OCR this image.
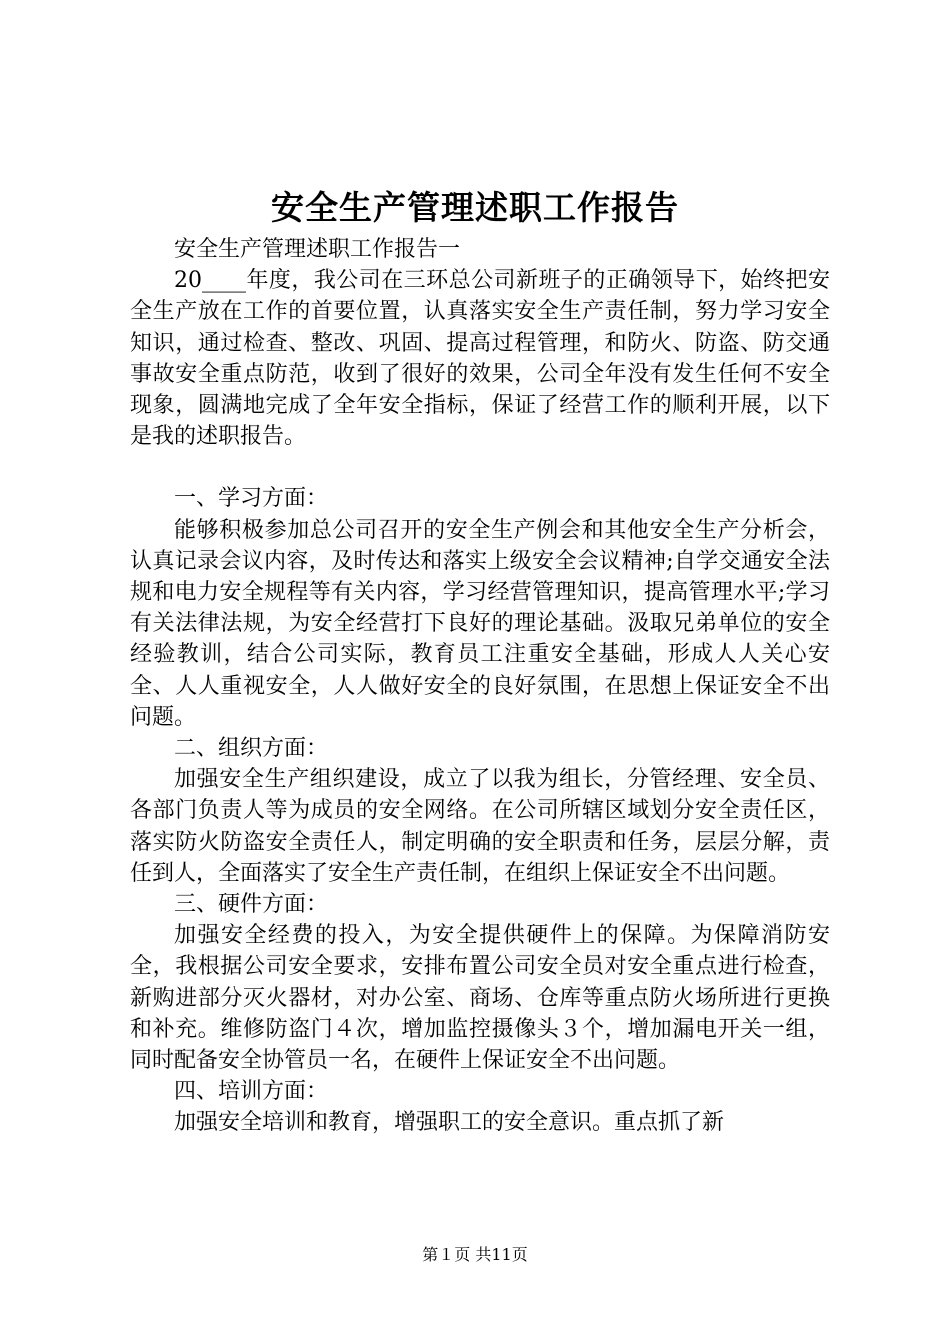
安全生产管理述职工作报告

安全生产管理述职工作报告一

20____年度，我公司在三环总公司新班子的正确领导下，始终把安全生产放在工作的首要位置，认真落实安全生产责任制，努力学习安全知识，通过检查、整改、巩固、提高过程管理，和防火、防盗、防交通事故安全重点防范，收到了很好的效果，公司全年没有发生任何不安全现象，圆满地完成了全年安全指标，保证了经营工作的顺利开展，以下是我的述职报告。

一、学习方面：

能够积极参加总公司召开的安全生产例会和其他安全生产分析会，认真记录会议内容，及时传达和落实上级安全会议精神;自学交通安全法规和电力安全规程等有关内容，学习经营管理知识，提高管理水平;学习有关法律法规，为安全经营打下良好的理论基础。汲取兄弟单位的安全经验教训，结合公司实际，教育员工注重安全基础，形成人人关心安全、人人重视安全，人人做好安全的良好氛围，在思想上保证安全不出问题。

二、组织方面：

加强安全生产组织建设，成立了以我为组长，分管经理、安全员、各部门负责人等为成员的安全网络。在公司所辖区域划分安全责任区，落实防火防盗安全责任人，制定明确的安全职责和任务，层层分解，责任到人，全面落实了安全生产责任制，在组织上保证安全不出问题。

三、硬件方面：

加强安全经费的投入，为安全提供硬件上的保障。为保障消防安全，我根据公司安全要求，安排布置公司安全员对安全重点进行检查，新购进部分灭火器材，对办公室、商场、仓库等重点防火场所进行更换和补充。维修防盗门４次，增加监控摄像头３个，增加漏电开关一组，同时配备安全协管员一名，在硬件上保证安全不出问题。

四、培训方面：

加强安全培训和教育，增强职工的安全意识。重点抓了新

第１页 共11页
